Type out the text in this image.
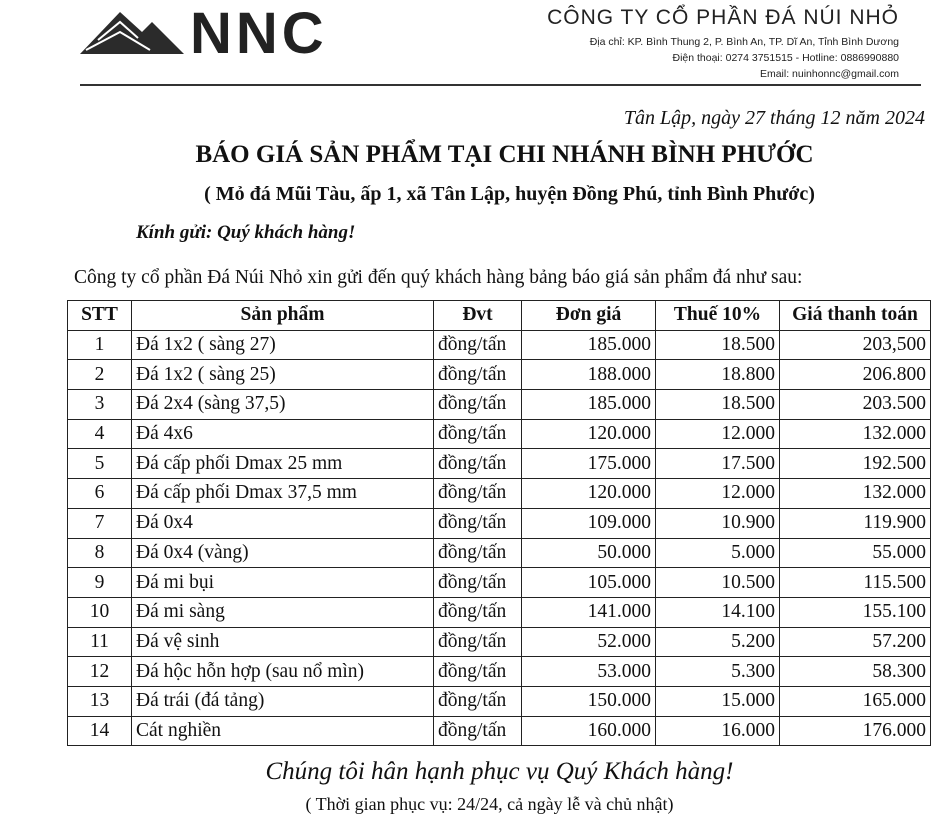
NNC	CÔNG TY CỔ PHẦN ĐÁ NÚI NHỎ
Địa chỉ: KP. Bình Thung 2, P. Bình An, TP. Dĩ An, Tỉnh Bình Dương
Điện thoại: 0274 3751515 - Hotline: 0886990880
Email: nuinhonnc@gmail.com
Tân Lập, ngày 27 tháng 12 năm 2024
BÁO GIÁ SẢN PHẨM TẠI CHI NHÁNH BÌNH PHƯỚC
( Mỏ đá Mũi Tàu, ấp 1, xã Tân Lập, huyện Đồng Phú, tỉnh Bình Phước)
Kính gửi: Quý khách hàng!
Công ty cổ phần Đá Núi Nhỏ xin gửi đến quý khách hàng bảng báo giá sản phẩm đá như sau:
STT	Sản phẩm	Đvt	Đơn giá	Thuế 10%	Giá thanh toán
1	Đá 1x2 ( sàng 27)	đồng/tấn	185.000	18.500	203,500
2	Đá 1x2 ( sàng 25)	đồng/tấn	188.000	18.800	206.800
3	Đá 2x4 (sàng 37,5)	đồng/tấn	185.000	18.500	203.500
4	Đá 4x6	đồng/tấn	120.000	12.000	132.000
5	Đá cấp phối Dmax 25 mm	đồng/tấn	175.000	17.500	192.500
6	Đá cấp phối Dmax 37,5 mm	đồng/tấn	120.000	12.000	132.000
7	Đá 0x4	đồng/tấn	109.000	10.900	119.900
8	Đá 0x4 (vàng)	đồng/tấn	50.000	5.000	55.000
9	Đá mi bụi	đồng/tấn	105.000	10.500	115.500
10	Đá mi sàng	đồng/tấn	141.000	14.100	155.100
11	Đá vệ sinh	đồng/tấn	52.000	5.200	57.200
12	Đá hộc hỗn hợp (sau nổ mìn)	đồng/tấn	53.000	5.300	58.300
13	Đá trái (đá tảng)	đồng/tấn	150.000	15.000	165.000
14	Cát nghiền	đồng/tấn	160.000	16.000	176.000
Chúng tôi hân hạnh phục vụ Quý Khách hàng!
( Thời gian phục vụ: 24/24, cả ngày lễ và chủ nhật)
